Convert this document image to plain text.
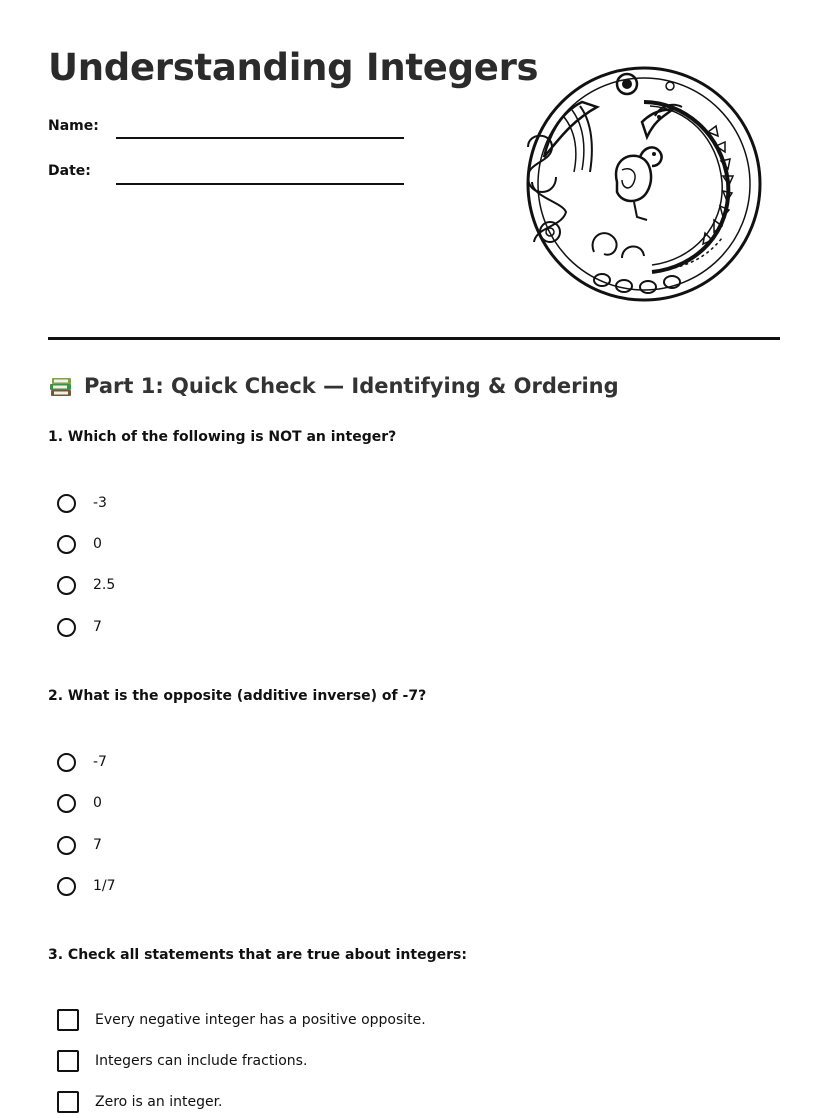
Understanding Integers
Name:
Date:
Part 1: Quick Check — Identifying & Ordering
1. Which of the following is NOT an integer?
-3
0
2.5
7
2. What is the opposite (additive inverse) of -7?
-7
0
7
1/7
3. Check all statements that are true about integers:
Every negative integer has a positive opposite.
Integers can include fractions.
Zero is an integer.
